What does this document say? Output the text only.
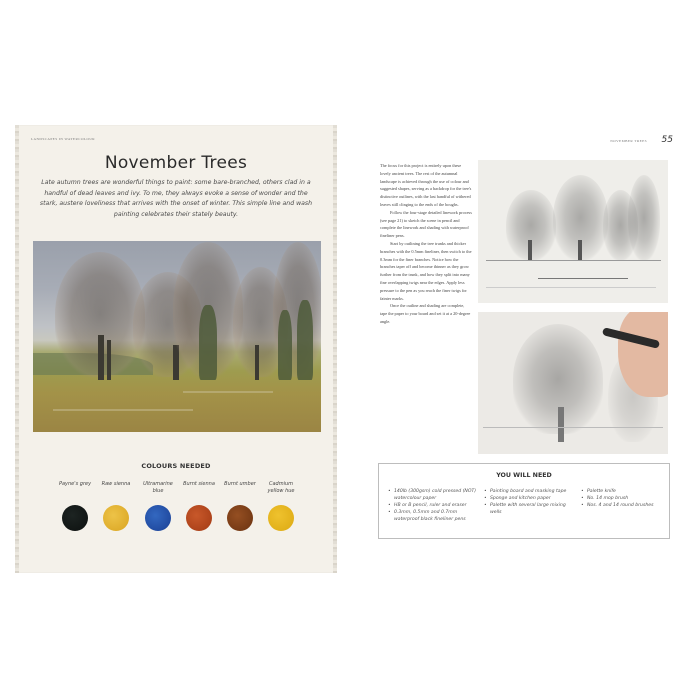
LANDSCAPES IN WATERCOLOUR
November Trees
Late autumn trees are wonderful things to paint: some bare-branched, others clad in a handful of dead leaves and ivy. To me, they always evoke a sense of wonder and the stark, austere loveliness that arrives with the onset of winter. This simple line and wash painting celebrates their stately beauty.
COLOURS NEEDED
Payne's grey	Raw sienna	Ultramarine blue
Burnt sienna	Burnt umber	Cadmium yellow hue
NOVEMBER TREES 55

The focus for this project is entirely upon these lovely ancient trees. The rest of the autumnal landscape is achieved through the use of colour and suggested shapes, serving as a backdrop for the tree's distinctive outlines, with the last handful of withered leaves still clinging to the ends of the boughs.

Follow the four-stage detailed linework process (see page 21) to sketch the scene in pencil and complete the linework and shading with waterproof fineliner pens.

Start by outlining the tree trunks and thicker branches with the 0.5mm fineliner, then switch to the 0.3mm for the finer branches. Notice how the branches taper off and become thinner as they grow further from the trunk, and how they split into many fine overlapping twigs near the edges. Apply less pressure to the pen as you reach the finer twigs for fainter marks.

Once the outline and shading are complete, tape the paper to your board and set it at a 20-degree angle.

YOU WILL NEED
• 140lb (300gsm) cold pressed (NOT) watercolour paper
• HB or B pencil, ruler and eraser
• 0.3mm, 0.5mm and 0.7mm waterproof black fineliner pens
• Painting board and masking tape
• Sponge and kitchen paper
• Palette with several large mixing wells
• Palette knife
• No. 14 mop brush
• Nos. 4 and 14 round brushes
